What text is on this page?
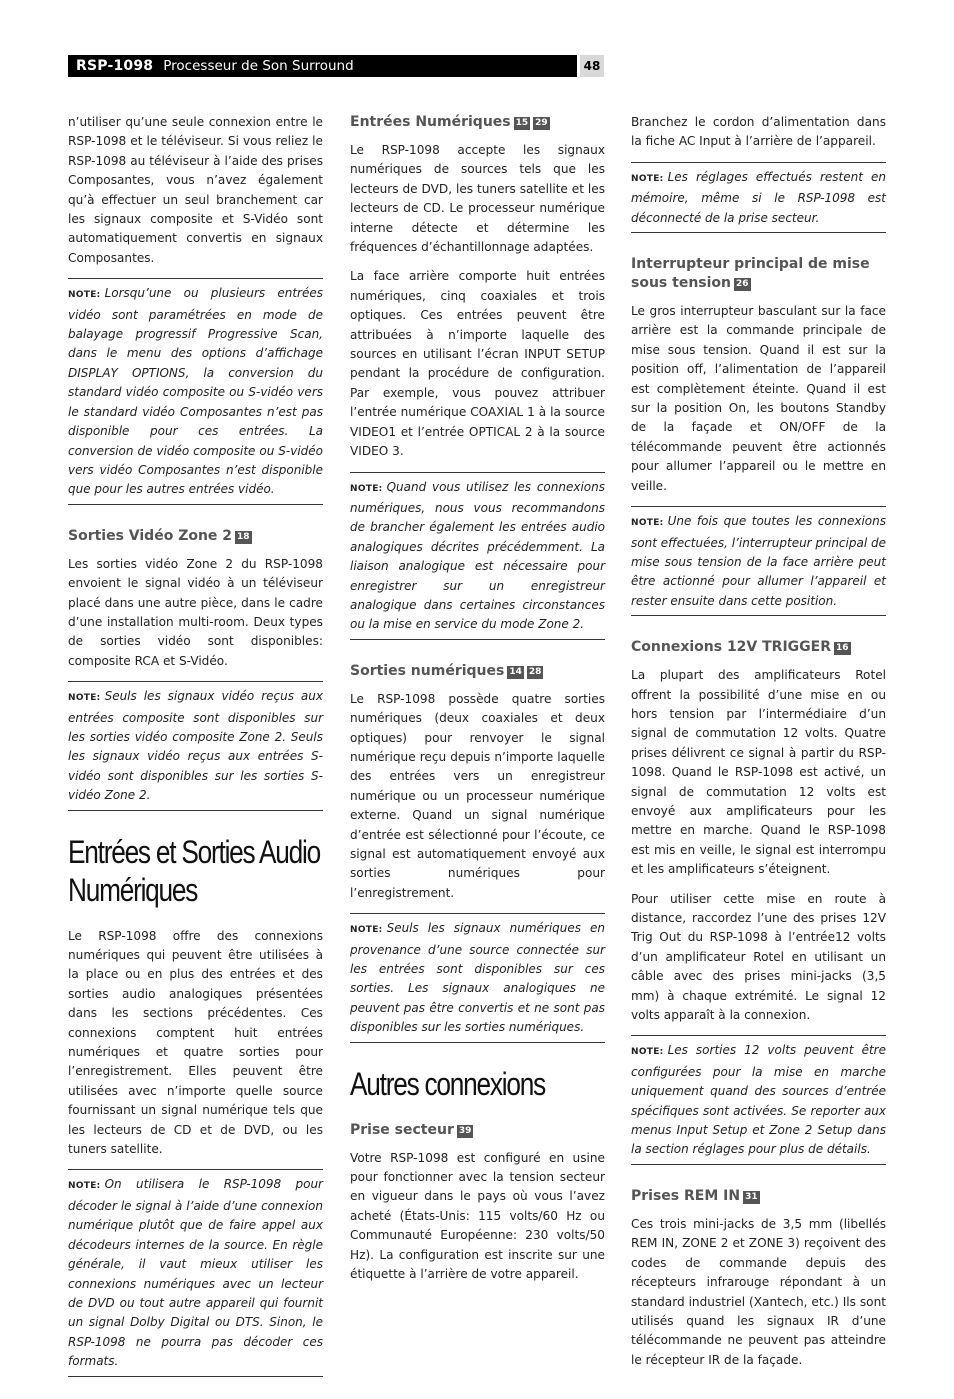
RSP-1098 Processeur de Son Surround	48

n’utiliser qu’une seule connexion entre le RSP-1098 et le téléviseur. Si vous reliez le RSP-1098 au téléviseur à l’aide des prises Composantes, vous n’avez également qu’à effectuer un seul branchement car les signaux composite et S-Vidéo sont automatiquement convertis en signaux Composantes.

NOTE: Lorsqu’une ou plusieurs entrées vidéo sont paramétrées en mode de balayage progressif Progressive Scan, dans le menu des options d’affichage DISPLAY OPTIONS, la conversion du standard vidéo composite ou S-vidéo vers le standard vidéo Composantes n’est pas disponible pour ces entrées. La conversion de vidéo composite ou S-vidéo vers vidéo Composantes n’est disponible que pour les autres entrées vidéo.
Sorties Vidéo Zone 2 18

Les sorties vidéo Zone 2 du RSP-1098 envoient le signal vidéo à un téléviseur placé dans une autre pièce, dans le cadre d’une installation multi-room. Deux types de sorties vidéo sont disponibles: composite RCA et S-Vidéo.

NOTE: Seuls les signaux vidéo reçus aux entrées composite sont disponibles sur les sorties vidéo composite Zone 2. Seuls les signaux vidéo reçus aux entrées S-vidéo sont disponibles sur les sorties S-vidéo Zone 2.
Entrées et Sorties Audio Numériques

Le RSP-1098 offre des connexions numériques qui peuvent être utilisées à la place ou en plus des entrées et des sorties audio analogiques présentées dans les sections précédentes. Ces connexions comptent huit entrées numériques et quatre sorties pour l’enregistrement. Elles peuvent être utilisées avec n’importe quelle source fournissant un signal numérique tels que les lecteurs de CD et de DVD, ou les tuners satellite.

NOTE: On utilisera le RSP-1098 pour décoder le signal à l’aide d’une connexion numérique plutôt que de faire appel aux décodeurs internes de la source. En règle générale, il vaut mieux utiliser les connexions numériques avec un lecteur de DVD ou tout autre appareil qui fournit un signal Dolby Digital ou DTS. Sinon, le RSP-1098 ne pourra pas décoder ces formats.
Entrées Numériques 15 29

Le RSP-1098 accepte les signaux numériques de sources tels que les lecteurs de DVD, les tuners satellite et les lecteurs de CD. Le processeur numérique interne détecte et détermine les fréquences d’échantillonnage adaptées.

La face arrière comporte huit entrées numériques, cinq coaxiales et trois optiques. Ces entrées peuvent être attribuées à n’importe laquelle des sources en utilisant l’écran INPUT SETUP pendant la procédure de configuration. Par exemple, vous pouvez attribuer l’entrée numérique COAXIAL 1 à la source VIDEO1 et l’entrée OPTICAL 2 à la source VIDEO 3.

NOTE: Quand vous utilisez les connexions numériques, nous vous recommandons de brancher également les entrées audio analogiques décrites précédemment. La liaison analogique est nécessaire pour enregistrer sur un enregistreur analogique dans certaines circonstances ou la mise en service du mode Zone 2.
Sorties numériques 14 28

Le RSP-1098 possède quatre sorties numériques (deux coaxiales et deux optiques) pour renvoyer le signal numérique reçu depuis n’importe laquelle des entrées vers un enregistreur numérique ou un processeur numérique externe. Quand un signal numérique d’entrée est sélectionné pour l’écoute, ce signal est automatiquement envoyé aux sorties numériques pour l’enregistrement.

NOTE: Seuls les signaux numériques en provenance d’une source connectée sur les entrées sont disponibles sur ces sorties. Les signaux analogiques ne peuvent pas être convertis et ne sont pas disponibles sur les sorties numériques.
Autres connexions
Prise secteur 39

Votre RSP-1098 est configuré en usine pour fonctionner avec la tension secteur en vigueur dans le pays où vous l’avez acheté (États-Unis: 115 volts/60 Hz ou Communauté Européenne: 230 volts/50 Hz). La configuration est inscrite sur une étiquette à l’arrière de votre appareil.

Branchez le cordon d’alimentation dans la fiche AC Input à l’arrière de l’appareil.

NOTE: Les réglages effectués restent en mémoire, même si le RSP-1098 est déconnecté de la prise secteur.
Interrupteur principal de mise sous tension 26

Le gros interrupteur basculant sur la face arrière est la commande principale de mise sous tension. Quand il est sur la position off, l’alimentation de l’appareil est complètement éteinte. Quand il est sur la position On, les boutons Standby de la façade et ON/OFF de la télécommande peuvent être actionnés pour allumer l’appareil ou le mettre en veille.

NOTE: Une fois que toutes les connexions sont effectuées, l’interrupteur principal de mise sous tension de la face arrière peut être actionné pour allumer l’appareil et rester ensuite dans cette position.
Connexions 12V TRIGGER 16

La plupart des amplificateurs Rotel offrent la possibilité d’une mise en ou hors tension par l’intermédiaire d’un signal de commutation 12 volts. Quatre prises délivrent ce signal à partir du RSP-1098. Quand le RSP-1098 est activé, un signal de commutation 12 volts est envoyé aux amplificateurs pour les mettre en marche. Quand le RSP-1098 est mis en veille, le signal est interrompu et les amplificateurs s’éteignent.

Pour utiliser cette mise en route à distance, raccordez l’une des prises 12V Trig Out du RSP-1098 à l’entrée12 volts d’un amplificateur Rotel en utilisant un câble avec des prises mini-jacks (3,5 mm) à chaque extrémité. Le signal 12 volts apparaît à la connexion.

NOTE: Les sorties 12 volts peuvent être configurées pour la mise en marche uniquement quand des sources d’entrée spécifiques sont activées. Se reporter aux menus Input Setup et Zone 2 Setup dans la section réglages pour plus de détails.
Prises REM IN 31

Ces trois mini-jacks de 3,5 mm (libellés REM IN, ZONE 2 et ZONE 3) reçoivent des codes de commande depuis des récepteurs infrarouge répondant à un standard industriel (Xantech, etc.) Ils sont utilisés quand les signaux IR d’une télécommande ne peuvent pas atteindre le récepteur IR de la façade.
